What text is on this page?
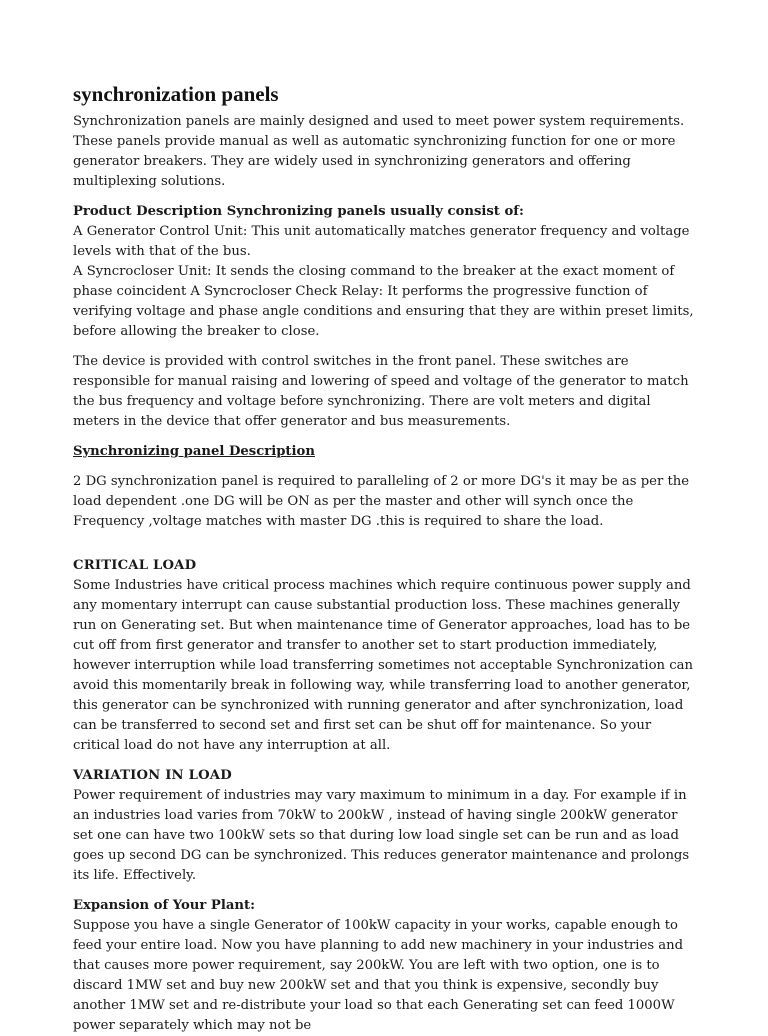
synchronization panels

Synchronization panels are mainly designed and used to meet power system requirements. These panels provide manual as well as automatic synchronizing function for one or more generator breakers. They are widely used in synchronizing generators and offering multiplexing solutions.

Product Description Synchronizing panels usually consist of:

A Generator Control Unit: This unit automatically matches generator frequency and voltage levels with that of the bus.

A Syncrocloser Unit: It sends the closing command to the breaker at the exact moment of phase coincident A Syncrocloser Check Relay: It performs the progressive function of verifying voltage and phase angle conditions and ensuring that they are within preset limits, before allowing the breaker to close.

The device is provided with control switches in the front panel. These switches are responsible for manual raising and lowering of speed and voltage of the generator to match the bus frequency and voltage before synchronizing. There are volt meters and digital meters in the device that offer generator and bus measurements.

Synchronizing panel Description

2 DG synchronization panel is required to paralleling of 2 or more DG's it may be as per the load dependent .one DG will be ON as per the master and other will synch once the Frequency ,voltage matches with master DG .this is required to share the load.

CRITICAL LOAD

Some Industries have critical process machines which require continuous power supply and any momentary interrupt can cause substantial production loss. These machines generally run on Generating set. But when maintenance time of Generator approaches, load has to be cut off from first generator and transfer to another set to start production immediately, however interruption while load transferring sometimes not acceptable Synchronization can avoid this momentarily break in following way, while transferring load to another generator, this generator can be synchronized with running generator and after synchronization, load can be transferred to second set and first set can be shut off for maintenance. So your critical load do not have any interruption at all.

VARIATION IN LOAD

Power requirement of industries may vary maximum to minimum in a day. For example if in an industries load varies from 70kW to 200kW , instead of having single 200kW generator set one can have two 100kW sets so that during low load single set can be run and as load goes up second DG can be synchronized. This reduces generator maintenance and prolongs its life. Effectively.

Expansion of Your Plant:

Suppose you have a single Generator of 100kW capacity in your works, capable enough to feed your entire load. Now you have planning to add new machinery in your industries and that causes more power requirement, say 200kW. You are left with two option, one is to discard 1MW set and buy new 200kW set and that you think is expensive, secondly buy another 1MW set and re-distribute your load so that each Generating set can feed 1000W power separately which may not be
